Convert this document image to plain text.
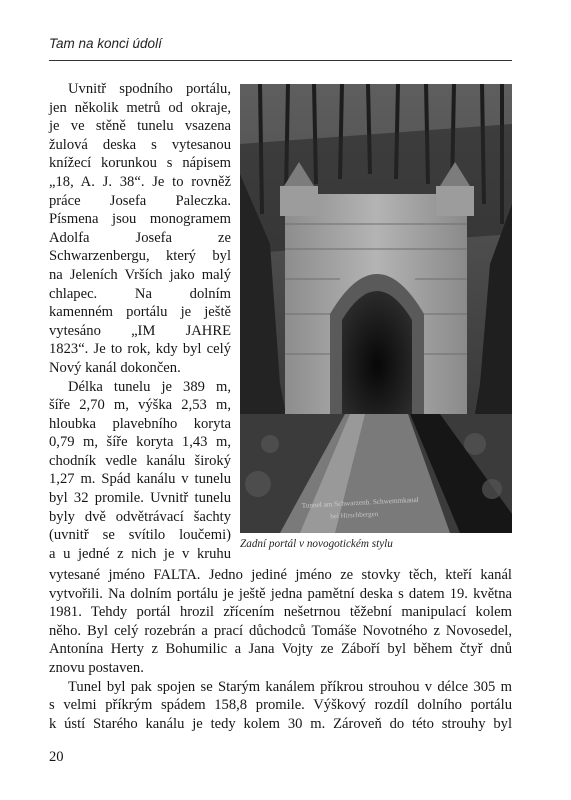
Tam na konci údolí
Uvnitř spodního portálu,
jen několik metrů od okraje,
je ve stěně tunelu vsazena
žulová deska s vytesanou
knížecí korunkou s nápisem
„18, A. J. 38“. Je to rovněž
práce Josefa Paleczka.
Písmena jsou monogramem
Adolfa Josefa ze
Schwarzenbergu, který byl
na Jeleních Vrších jako malý
chlapec. Na dolním
kamenném portálu je ještě
vytesáno „IM JAHRE
1823“. Je to rok, kdy byl celý
Nový kanál dokončen.
Délka tunelu je 389 m,
šíře 2,70 m, výška 2,53 m,
hloubka plavebního koryta
0,79 m, šíře koryta 1,43 m,
chodník vedle kanálu široký
1,27 m. Spád kanálu v tunelu
byl 32 promile. Uvnitř tunelu
byly dvě odvětrávací šachty
(uvnitř se svítilo loučemi)
a u jedné z nich je v kruhu
Tunnel am Schwarzenb. Schwemmkanal
bei Hirschbergen
Zadní portál v novogotickém stylu
vytesané jméno FALTA. Jedno jediné jméno ze stovky těch, kteří kanál
vytvořili. Na dolním portálu je ještě jedna pamětní deska s datem 19. května
1981. Tehdy portál hrozil zřícením nešetrnou těžební manipulací kolem
něho. Byl celý rozebrán a prací důchodců Tomáše Novotného z Novosedel,
Antonína Herty z Bohumilic a Jana Vojty ze Záboří byl během čtyř dnů
znovu postaven.
Tunel byl pak spojen se Starým kanálem příkrou strouhou v délce 305 m
s velmi příkrým spádem 158,8 promile. Výškový rozdíl dolního portálu
k ústí Starého kanálu je tedy kolem 30 m. Zároveň do této strouhy byl
20
